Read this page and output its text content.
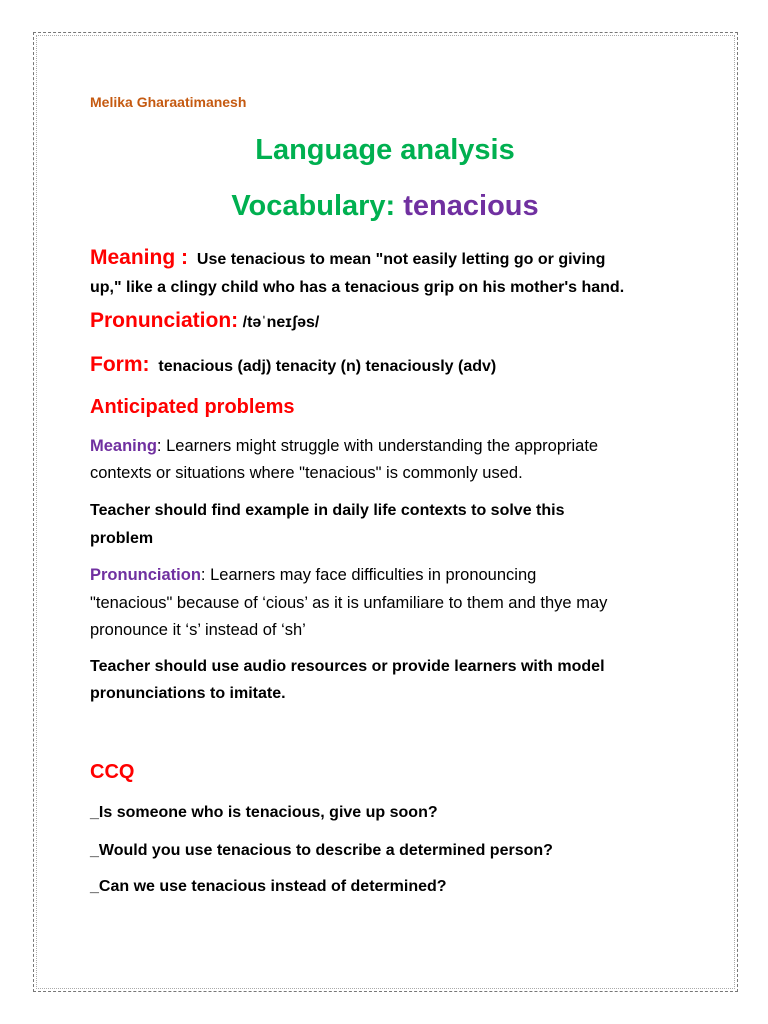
Melika Gharaatimanesh
Language analysis
Vocabulary: tenacious
Meaning : Use tenacious to mean "not easily letting go or giving
up," like a clingy child who has a tenacious grip on his mother's hand.
Pronunciation: /təˈneɪʃəs/
Form: tenacious (adj) tenacity (n) tenaciously (adv)
Anticipated problems
Meaning: Learners might struggle with understanding the appropriate
contexts or situations where "tenacious" is commonly used.
Teacher should find example in daily life contexts to solve this
problem
Pronunciation: Learners may face difficulties in pronouncing
"tenacious" because of ‘cious’ as it is unfamiliare to them and thye may
pronounce it ‘s’ instead of ‘sh’
Teacher should use audio resources or provide learners with model
pronunciations to imitate.
CCQ
_Is someone who is tenacious, give up soon?
_Would you use tenacious to describe a determined person?
_Can we use tenacious instead of determined?
